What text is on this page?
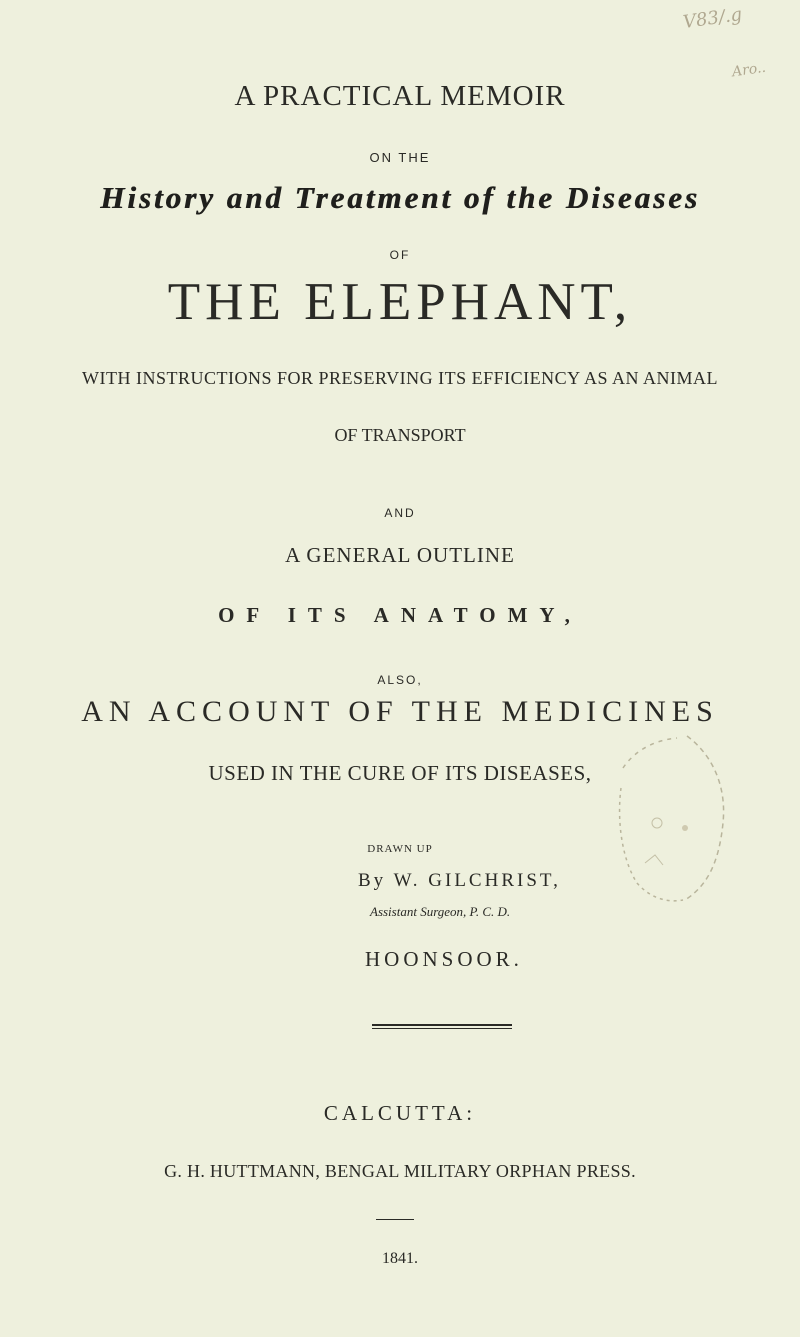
V83/.g
Aro..
A PRACTICAL MEMOIR
ON THE
History and Treatment of the Diseases
OF
THE ELEPHANT,
WITH INSTRUCTIONS FOR PRESERVING ITS EFFICIENCY AS AN ANIMAL
OF TRANSPORT
AND
A GENERAL OUTLINE
OF ITS ANATOMY,
ALSO,
AN ACCOUNT OF THE MEDICINES
USED IN THE CURE OF ITS DISEASES,
DRAWN UP
By W. GILCHRIST,
Assistant Surgeon, P. C. D.
HOONSOOR.
CALCUTTA:
G. H. HUTTMANN, BENGAL MILITARY ORPHAN PRESS.
1841.
